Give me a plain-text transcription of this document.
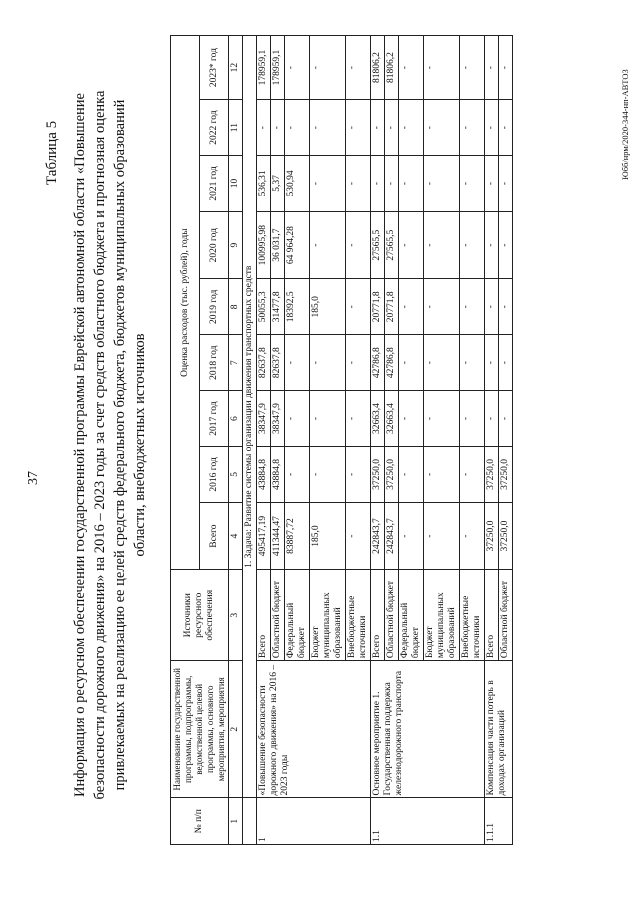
37
Таблица 5 Информация о ресурсном обеспечении государственной программы Еврейской автономной области «Повышение безопасности дорожного движения» на 2016 – 2023 годы за счет средств областного бюджета и прогнозная оценка привлекаемых на реализацию ее целей средств федерального бюджета, бюджетов муниципальных образований области, внебюджетных источников
№ п/п	Наименование государственной программы, подпрограммы, ведомственной целевой программы, основного мероприятия, мероприятия	Источники ресурсного обеспечения	Оценка расходов (тыс. рублей), годы								
			Всего	2016 год	2017 год	2018 год	2019 год	2020 год	2021 год	2022 год	2023* год
1	2	3	4	5	6	7	8	9	10	11	12
	1. Задача: Развитие системы организации движения транспортных средств										
1	«Повышение безопасности дорожного движения» на 2016 – 2023 годы	Всего	495417,19	43884,8	38347,9	82637,8	50055,3	100995,98	536,31	-	178959,1
		Областной бюджет	411344,47	43884,8	38347,9	82637,8	31477,8	36 031,7	5,37	-	178959,1
		Федеральный бюджет	83887,72	-	-	-	18392,5	64 964,28	530,94	-	-
		Бюджет муниципальных образований	185,0	-	-	-	185,0	-	-	-	-
		Внебюджетные источники	-	-	-	-	-	-	-	-	-
1.1	Основное мероприятие 1. Государственная поддержка железнодорожного транспорта	Всего	242843,7	37250,0	32663,4	42786,8	20771,8	27565,5	-	-	81806,2
		Областной бюджет	242843,7	37250,0	32663,4	42786,8	20771,8	27565,5	-	-	81806,2
		Федеральный бюджет	-	-	-	-	-	-	-	-	-
		Бюджет муниципальных образований	-	-	-	-	-	-	-	-	-
		Внебюджетные источники	-	-	-	-	-	-	-	-	-
1.1.1	Компенсация части потерь в доходах организаций	Всего	37250,0	37250,0	-	-	-	-	-	-	-
		Областной бюджет	37250,0	37250,0	-	-	-	-	-	-	-
Юбб/нрм/2020-344-нп-ABTO3
